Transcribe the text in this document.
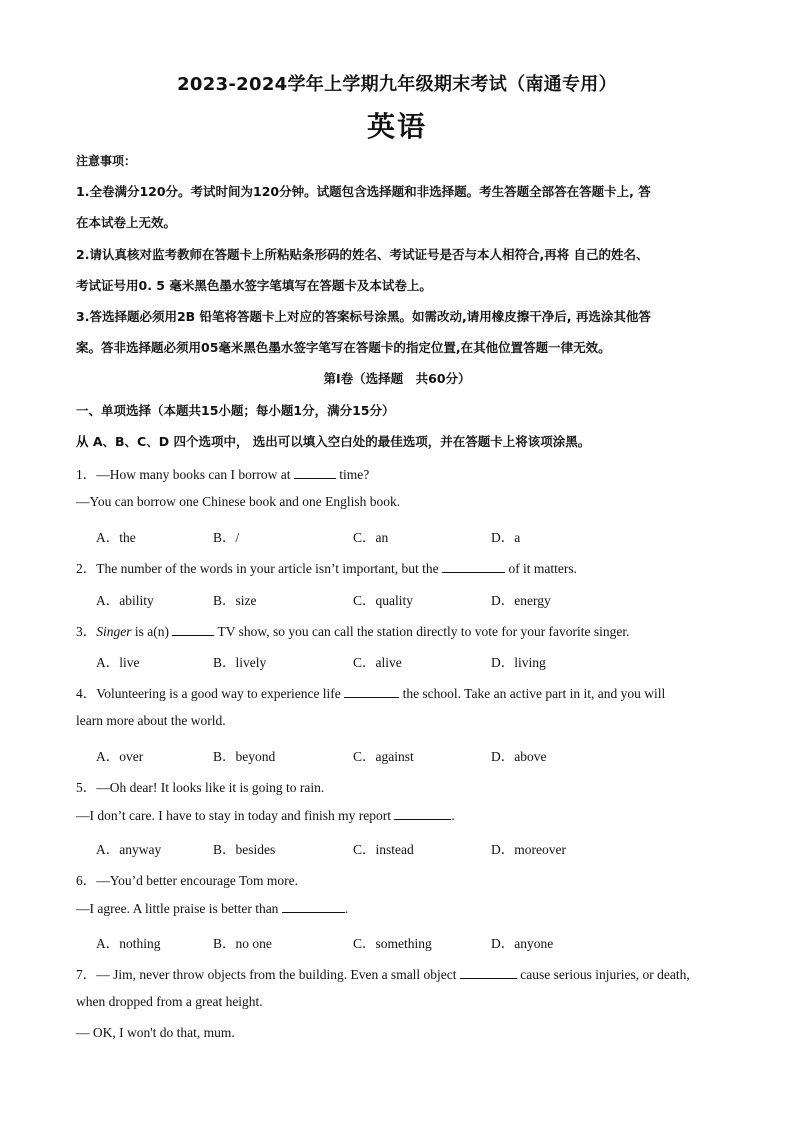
2023-2024学年上学期九年级期末考试（南通专用）
英语
注意事项：
1.全卷满分120分。考试时间为120分钟。试题包含选择题和非选择题。考生答题全部答在答题卡上, 答
在本试卷上无效。
2.请认真核对监考教师在答题卡上所粘贴条形码的姓名、考试证号是否与本人相符合,再将 自己的姓名、
考试证号用0. 5 毫米黑色墨水签字笔填写在答题卡及本试卷上。
3.答选择题必须用2B 铅笔将答题卡上对应的答案标号涂黑。如需改动,请用橡皮擦干净后, 再选涂其他答
案。答非选择题必须用05毫米黑色墨水签字笔写在答题卡的指定位置,在其他位置答题一律无效。
第I卷（选择题　共60分）
一、单项选择（本题共15小题；每小题1分，满分15分）
从 A、B、C、D 四个选项中， 选出可以填入空白处的最佳选项，并在答题卡上将该项涂黑。
1．—How many books can I borrow at	time?
—You can borrow one Chinese book and one English book.
A．the	B．/	C．an	D．a
2．The number of the words in your article isn’t important, but the	of it matters.
A．ability	B．size	C．quality	D．energy
3．Singer is a(n)	TV show, so you can call the station directly to vote for your favorite singer.
A．live	B．lively	C．alive	D．living
4．Volunteering is a good way to experience life	the school. Take an active part in it, and you will
learn more about the world.
A．over	B．beyond	C．against	D．above
5．—Oh dear! It looks like it is going to rain.
—I don’t care. I have to stay in today and finish my report	.
A．anyway	B．besides	C．instead	D．moreover
6．—You’d better encourage Tom more.
—I agree. A little praise is better than	.
A．nothing	B．no one	C．something	D．anyone
7．— Jim, never throw objects from the building. Even a small object	cause serious injuries, or death,
when dropped from a great height.
— OK, I won't do that, mum.
